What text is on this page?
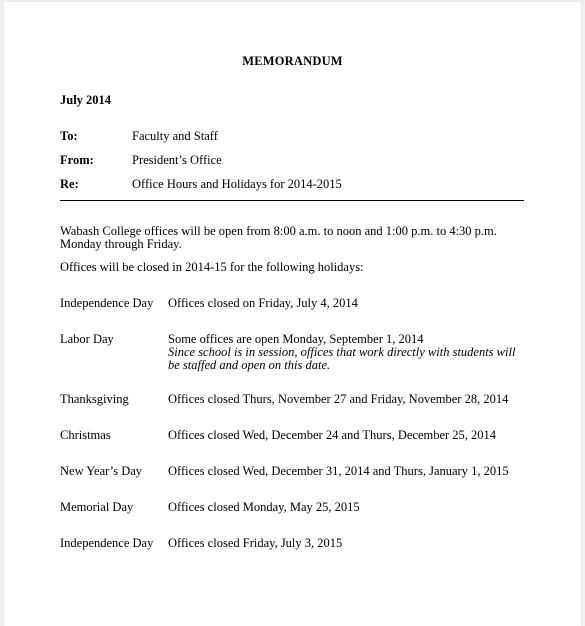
MEMORANDUM
July 2014
To:	Faculty and Staff
From:	President’s Office
Re:	Office Hours and Holidays for 2014-2015
Wabash College offices will be open from 8:00 a.m. to noon and 1:00 p.m. to 4:30 p.m. Monday through Friday.
Offices will be closed in 2014-15 for the following holidays:
Independence Day Offices closed on Friday, July 4, 2014
Labor Day	Some offices are open Monday, September 1, 2014
Since school is in session, offices that work directly with students will be staffed and open on this date.
Thanksgiving	Offices closed Thurs, November 27 and Friday, November 28, 2014
Christmas	Offices closed Wed, December 24 and Thurs, December 25, 2014
New Year’s Day Offices closed Wed, December 31, 2014 and Thurs, January 1, 2015
Memorial Day	Offices closed Monday, May 25, 2015
Independence Day Offices closed Friday, July 3, 2015
